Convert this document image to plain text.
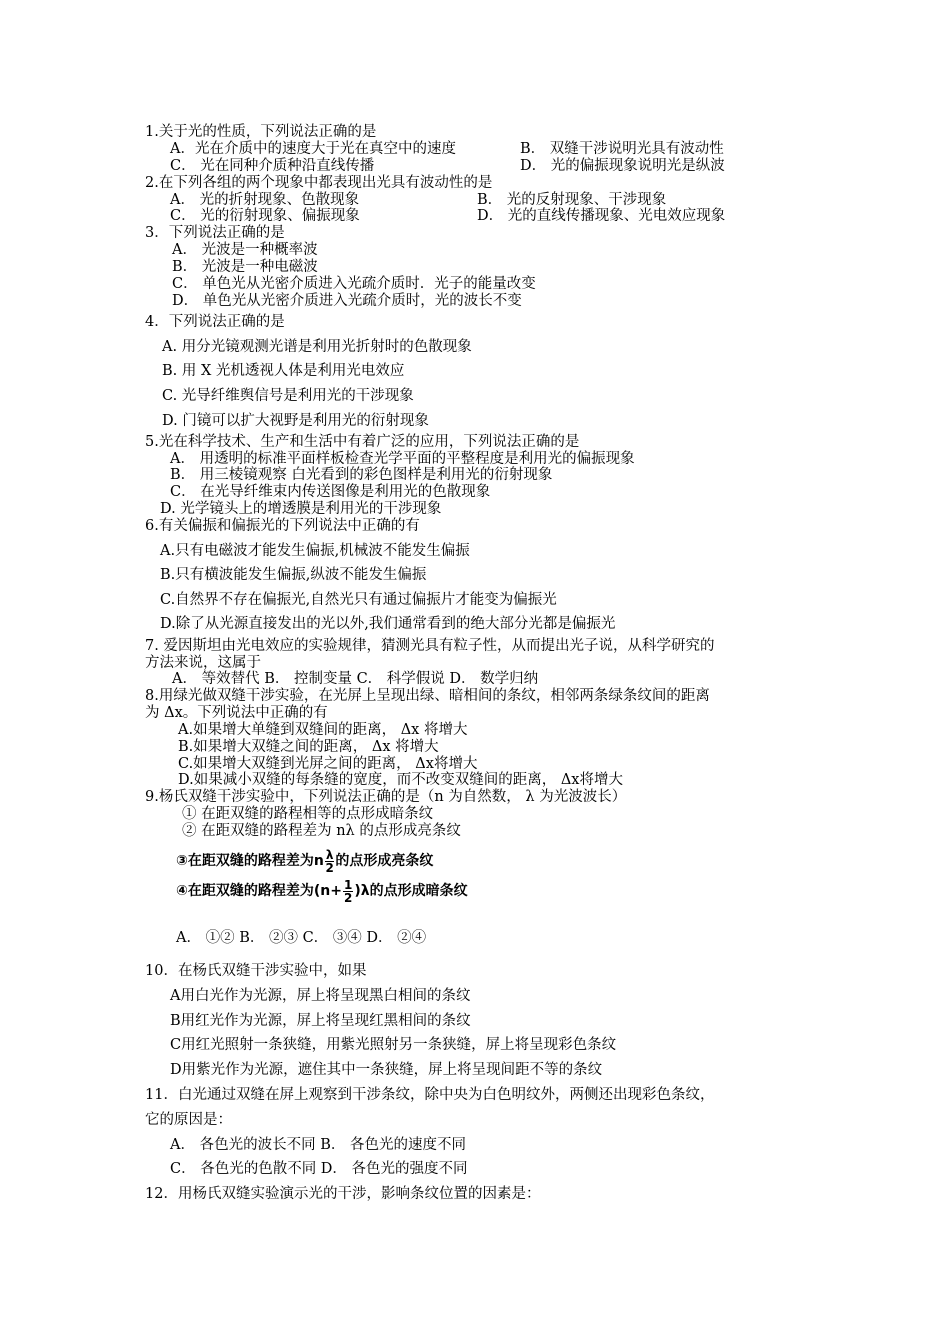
1.关于光的性质，下列说法正确的是
A．光在介质中的速度大于光在真空中的速度	B． 双缝干涉说明光具有波动性
C． 光在同种介质种沿直线传播	D． 光的偏振现象说明光是纵波
2.在下列各组的两个现象中都表现出光具有波动性的是
A． 光的折射现象、色散现象	B． 光的反射现象、干涉现象
C． 光的衍射现象、偏振现象	D． 光的直线传播现象、光电效应现象
3．下列说法正确的是
A． 光波是一种概率波
B． 光波是一种电磁波
C． 单色光从光密介质进入光疏介质时．光子的能量改变
D． 单色光从光密介质进入光疏介质时，光的波长不变
4．下列说法正确的是
A. 用分光镜观测光谱是利用光折射时的色散现象
B. 用 X 光机透视人体是利用光电效应
C. 光导纤维舆信号是利用光的干涉现象
D. 门镜可以扩大视野是利用光的衍射现象
5.光在科学技术、生产和生活中有着广泛的应用，下列说法正确的是
A． 用透明的标准平面样板检查光学平面的平整程度是利用光的偏振现象
B． 用三棱镜观察 白光看到的彩色图样是利用光的衍射现象
C． 在光导纤维束内传送图像是利用光的色散现象
D. 光学镜头上的增透膜是利用光的干涉现象
6.有关偏振和偏振光的下列说法中正确的有
A.只有电磁波才能发生偏振,机械波不能发生偏振
B.只有横波能发生偏振,纵波不能发生偏振
C.自然界不存在偏振光,自然光只有通过偏振片才能变为偏振光
D.除了从光源直接发出的光以外,我们通常看到的绝大部分光都是偏振光
7. 爱因斯坦由光电效应的实验规律，猜测光具有粒子性，从而提出光子说，从科学研究的
方法来说，这属于
A． 等效替代 B． 控制变量 C． 科学假说 D． 数学归纳
8.用绿光做双缝干涉实验，在光屏上呈现出绿、暗相间的条纹，相邻两条绿条纹间的距离
为 Δx。下列说法中正确的有
A.如果增大单缝到双缝间的距离， Δx 将增大
B.如果增大双缝之间的距离， Δx 将增大
C.如果增大双缝到光屏之间的距离， Δx将增大
D.如果减小双缝的每条缝的宽度，而不改变双缝间的距离， Δx将增大
9.杨氏双缝干涉实验中，下列说法正确的是（n 为自然数， λ 为光波波长）
① 在距双缝的路程相等的点形成暗条纹
② 在距双缝的路程差为 nλ 的点形成亮条纹
③在距双缝的路程差为n $\frac{\lambda}{2}$ 的点形成亮条纹
④在距双缝的路程差为$(n+ \frac{1}{2} )\lambda$的点形成暗条纹
A． ①② B． ②③ C． ③④ D． ②④
10．在杨氏双缝干涉实验中，如果
A用白光作为光源，屏上将呈现黑白相间的条纹
B用红光作为光源，屏上将呈现红黑相间的条纹
C用红光照射一条狭缝，用紫光照射另一条狭缝，屏上将呈现彩色条纹
D用紫光作为光源，遮住其中一条狭缝，屏上将呈现间距不等的条纹
11．白光通过双缝在屏上观察到干涉条纹，除中央为白色明纹外，两侧还出现彩色条纹，
它的原因是：
A． 各色光的波长不同 B． 各色光的速度不同
C． 各色光的色散不同 D． 各色光的强度不同
12．用杨氏双缝实验演示光的干涉，影响条纹位置的因素是：
